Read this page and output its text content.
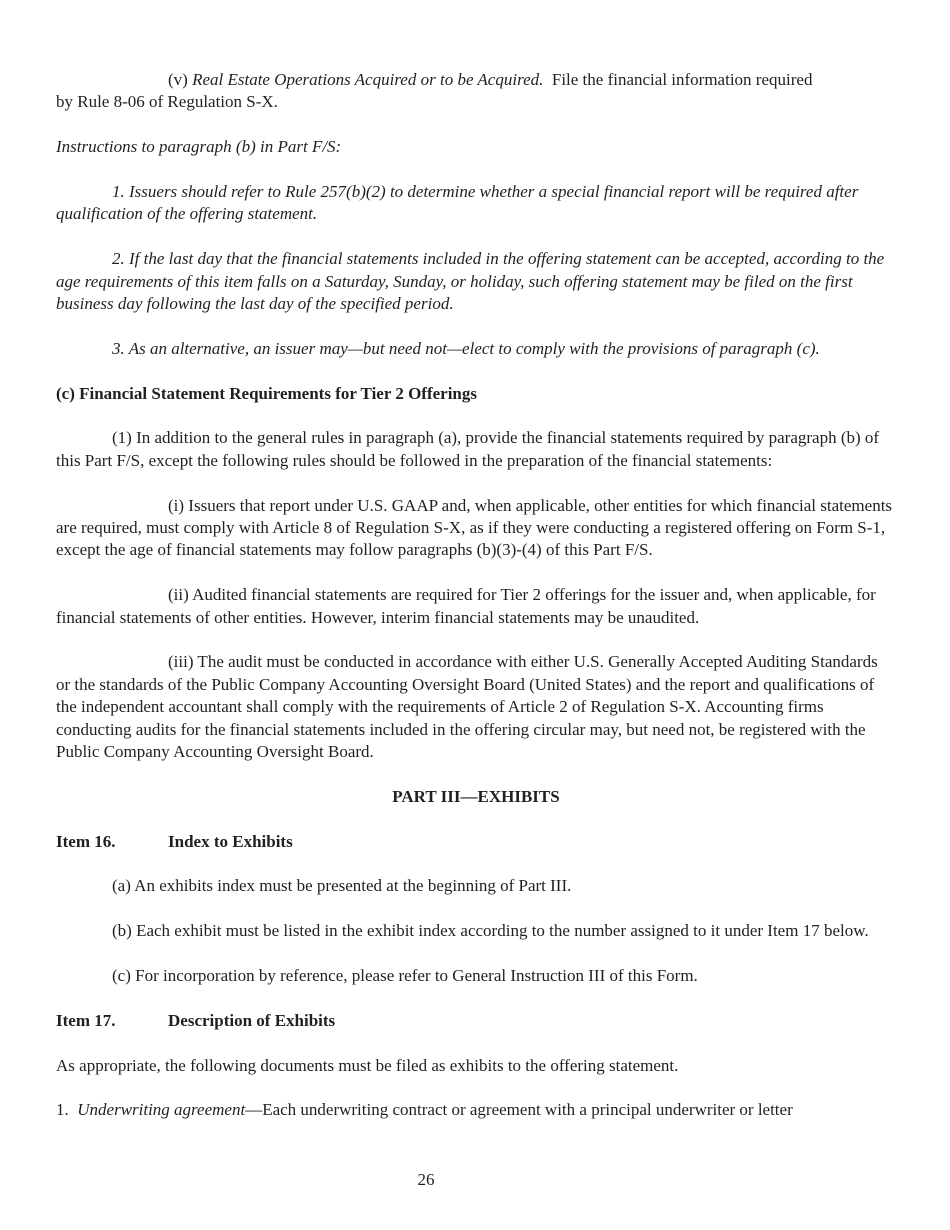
(v) Real Estate Operations Acquired or to be Acquired.  File the financial information required
by Rule 8-06 of Regulation S-X.

Instructions to paragraph (b) in Part F/S:

1. Issuers should refer to Rule 257(b)(2) to determine whether a special financial report will be required after qualification of the offering statement.

2. If the last day that the financial statements included in the offering statement can be accepted, according to the age requirements of this item falls on a Saturday, Sunday, or holiday, such offering statement may be filed on the first business day following the last day of the specified period.

3. As an alternative, an issuer may—but need not—elect to comply with the provisions of paragraph (c).

(c) Financial Statement Requirements for Tier 2 Offerings

(1) In addition to the general rules in paragraph (a), provide the financial statements required by paragraph (b) of this Part F/S, except the following rules should be followed in the preparation of the financial statements:

(i) Issuers that report under U.S. GAAP and, when applicable, other entities for which financial statements are required, must comply with Article 8 of Regulation S-X, as if they were conducting a registered offering on Form S-1, except the age of financial statements may follow paragraphs (b)(3)-(4) of this Part F/S.

(ii) Audited financial statements are required for Tier 2 offerings for the issuer and, when applicable, for financial statements of other entities. However, interim financial statements may be unaudited.

(iii) The audit must be conducted in accordance with either U.S. Generally Accepted Auditing Standards or the standards of the Public Company Accounting Oversight Board (United States) and the report and qualifications of the independent accountant shall comply with the requirements of Article 2 of Regulation S-X. Accounting firms conducting audits for the financial statements included in the offering circular may, but need not, be registered with the Public Company Accounting Oversight Board.

PART III—EXHIBITS

Item 16.	Index to Exhibits

(a) An exhibits index must be presented at the beginning of Part III.

(b) Each exhibit must be listed in the exhibit index according to the number assigned to it under Item 17 below.

(c) For incorporation by reference, please refer to General Instruction III of this Form.

Item 17.	Description of Exhibits

As appropriate, the following documents must be filed as exhibits to the offering statement.

1.  Underwriting agreement—Each underwriting contract or agreement with a principal underwriter or letter

26
